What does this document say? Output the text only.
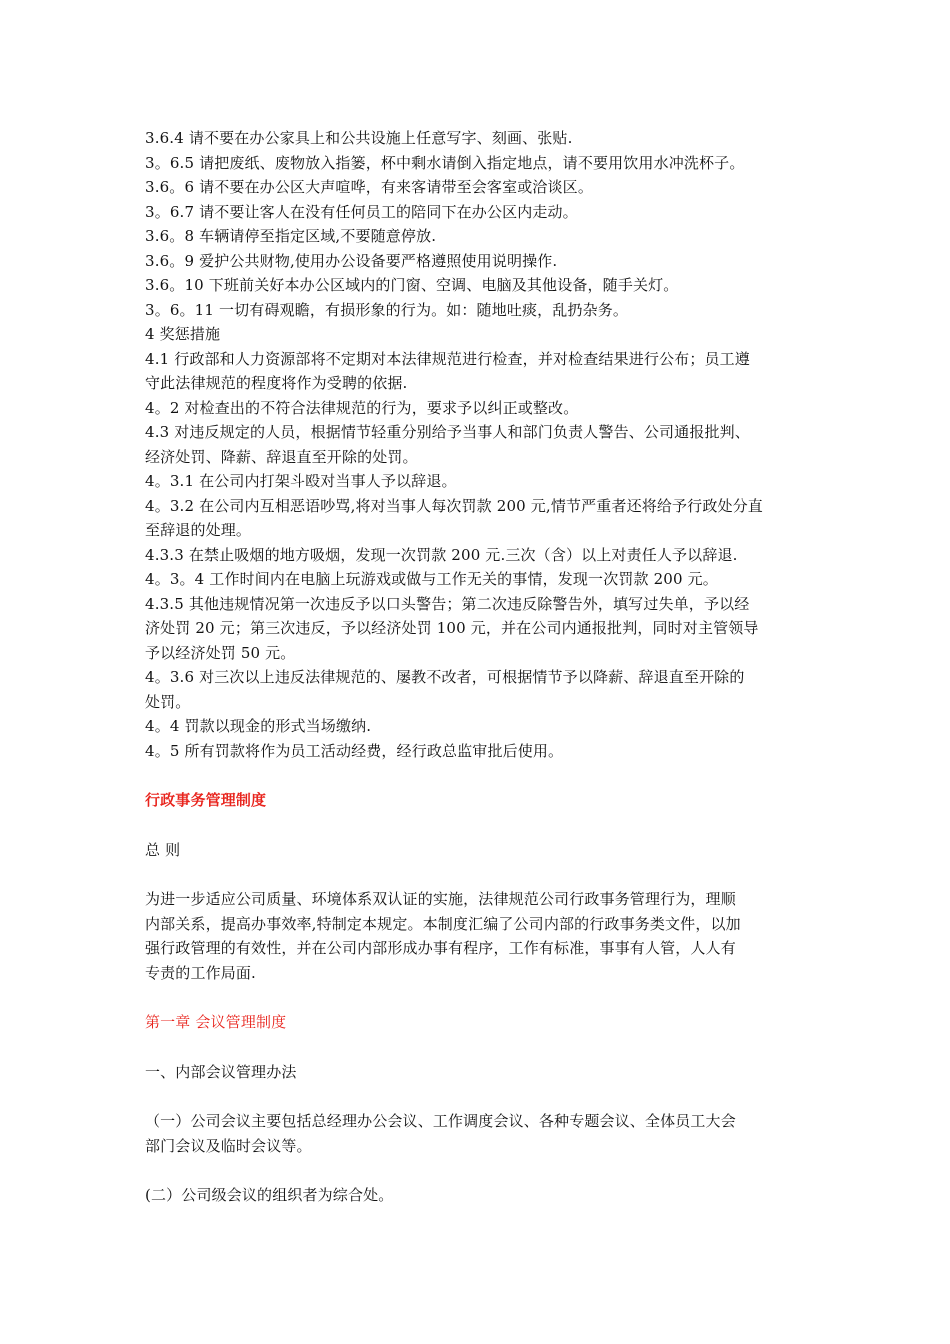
3.6.4 请不要在办公家具上和公共设施上任意写字、刻画、张贴.
3。6.5 请把废纸、废物放入指篓，杯中剩水请倒入指定地点，请不要用饮用水冲洗杯子。
3.6。6 请不要在办公区大声喧哗，有来客请带至会客室或洽谈区。
3。6.7 请不要让客人在没有任何员工的陪同下在办公区内走动。
3.6。8 车辆请停至指定区域,不要随意停放.
3.6。9 爱护公共财物,使用办公设备要严格遵照使用说明操作.
3.6。10 下班前关好本办公区域内的门窗、空调、电脑及其他设备，随手关灯。
3。6。11 一切有碍观瞻，有损形象的行为。如：随地吐痰，乱扔杂务。
4 奖惩措施
4.1 行政部和人力资源部将不定期对本法律规范进行检查，并对检查结果进行公布；员工遵
守此法律规范的程度将作为受聘的依据.
4。2 对检查出的不符合法律规范的行为，要求予以纠正或整改。
4.3 对违反规定的人员，根据情节轻重分别给予当事人和部门负责人警告、公司通报批判、
经济处罚、降薪、辞退直至开除的处罚。
4。3.1 在公司内打架斗殴对当事人予以辞退。
4。3.2 在公司内互相恶语吵骂,将对当事人每次罚款 200 元,情节严重者还将给予行政处分直
至辞退的处理。
4.3.3 在禁止吸烟的地方吸烟，发现一次罚款 200 元.三次（含）以上对责任人予以辞退.
4。3。4 工作时间内在电脑上玩游戏或做与工作无关的事情，发现一次罚款 200 元。
4.3.5 其他违规情况第一次违反予以口头警告；第二次违反除警告外，填写过失单，予以经
济处罚 20 元；第三次违反，予以经济处罚 100 元，并在公司内通报批判，同时对主管领导
予以经济处罚 50 元。
4。3.6 对三次以上违反法律规范的、屡教不改者，可根据情节予以降薪、辞退直至开除的
处罚。
4。4 罚款以现金的形式当场缴纳.
4。5 所有罚款将作为员工活动经费，经行政总监审批后使用。
行政事务管理制度
总 则
为进一步适应公司质量、环境体系双认证的实施，法律规范公司行政事务管理行为，理顺
内部关系，提高办事效率,特制定本规定。本制度汇编了公司内部的行政事务类文件，以加
强行政管理的有效性，并在公司内部形成办事有程序，工作有标准，事事有人管，人人有
专责的工作局面.
第一章 会议管理制度
一、内部会议管理办法
（一）公司会议主要包括总经理办公会议、工作调度会议、各种专题会议、全体员工大会
部门会议及临时会议等。
(二）公司级会议的组织者为综合处。
